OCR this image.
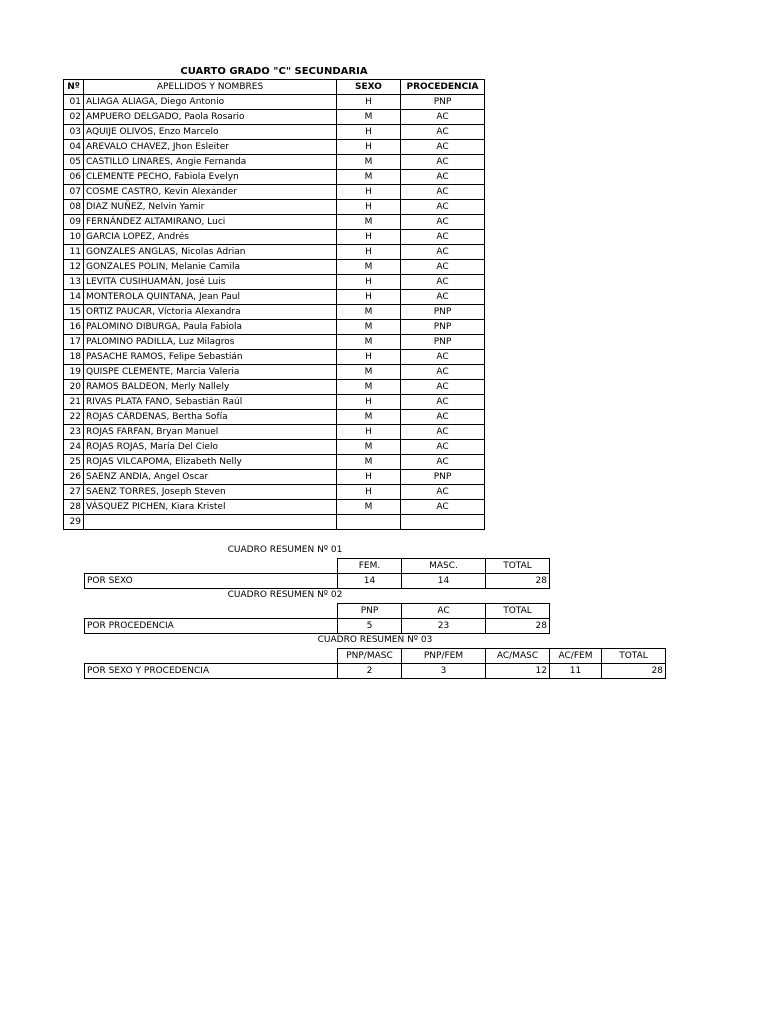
CUARTO GRADO "C" SECUNDARIA
Nº	APELLIDOS Y NOMBRES	SEXO	PROCEDENCIA
01	ALIAGA ALIAGA, Diego Antonio	H	PNP
02	AMPUERO DELGADO, Paola Rosario	M	AC
03	AQUIJE OLIVOS, Enzo Marcelo	H	AC
04	AREVALO CHAVEZ, Jhon Esleiter	H	AC
05	CASTILLO LINARES, Angie Fernanda	M	AC
06	CLEMENTE PECHO, Fabiola Evelyn	M	AC
07	COSME CASTRO, Kevin Alexander	H	AC
08	DIAZ NUÑEZ, Nelvin Yamir	H	AC
09	FERNÁNDEZ ALTAMIRANO, Luci	M	AC
10	GARCIA LOPEZ, Andrés	H	AC
11	GONZALES ANGLAS, Nicolas Adrian	H	AC
12	GONZALES POLIN, Melanie Camila	M	AC
13	LEVITA CUSIHUAMÁN, José Luis	H	AC
14	MONTEROLA QUINTANA, Jean Paul	H	AC
15	ORTIZ PAUCAR, Víctoria Alexandra	M	PNP
16	PALOMINO DIBURGA, Paula Fabiola	M	PNP
17	PALOMINO PADILLA, Luz Milagros	M	PNP
18	PASACHE RAMOS, Felipe Sebastián	H	AC
19	QUISPE CLEMENTE, Marcia Valeria	M	AC
20	RAMOS BALDEON, Merly Nallely	M	AC
21	RIVAS PLATA FANO, Sebastián Raúl	H	AC
22	ROJAS CÁRDENAS, Bertha Sofía	M	AC
23	ROJAS FARFAN, Bryan Manuel	H	AC
24	ROJAS ROJAS, María Del Cielo	M	AC
25	ROJAS VILCAPOMA, Elizabeth Nelly	M	AC
26	SAENZ ANDIA, Angel Oscar	H	PNP
27	SAENZ TORRES, Joseph Steven	H	AC
28	VÁSQUEZ PICHEN, Kiara Kristel	M	AC
29			
CUADRO RESUMEN Nº 01
	FEM.	MASC.	TOTAL
POR SEXO	14	14	28
CUADRO RESUMEN Nº 02
	PNP	AC	TOTAL
POR PROCEDENCIA	5	23	28
CUADRO RESUMEN Nº 03
	PNP/MASC	PNP/FEM	AC/MASC	AC/FEM	TOTAL
POR SEXO Y PROCEDENCIA	2	3	12	11	28
